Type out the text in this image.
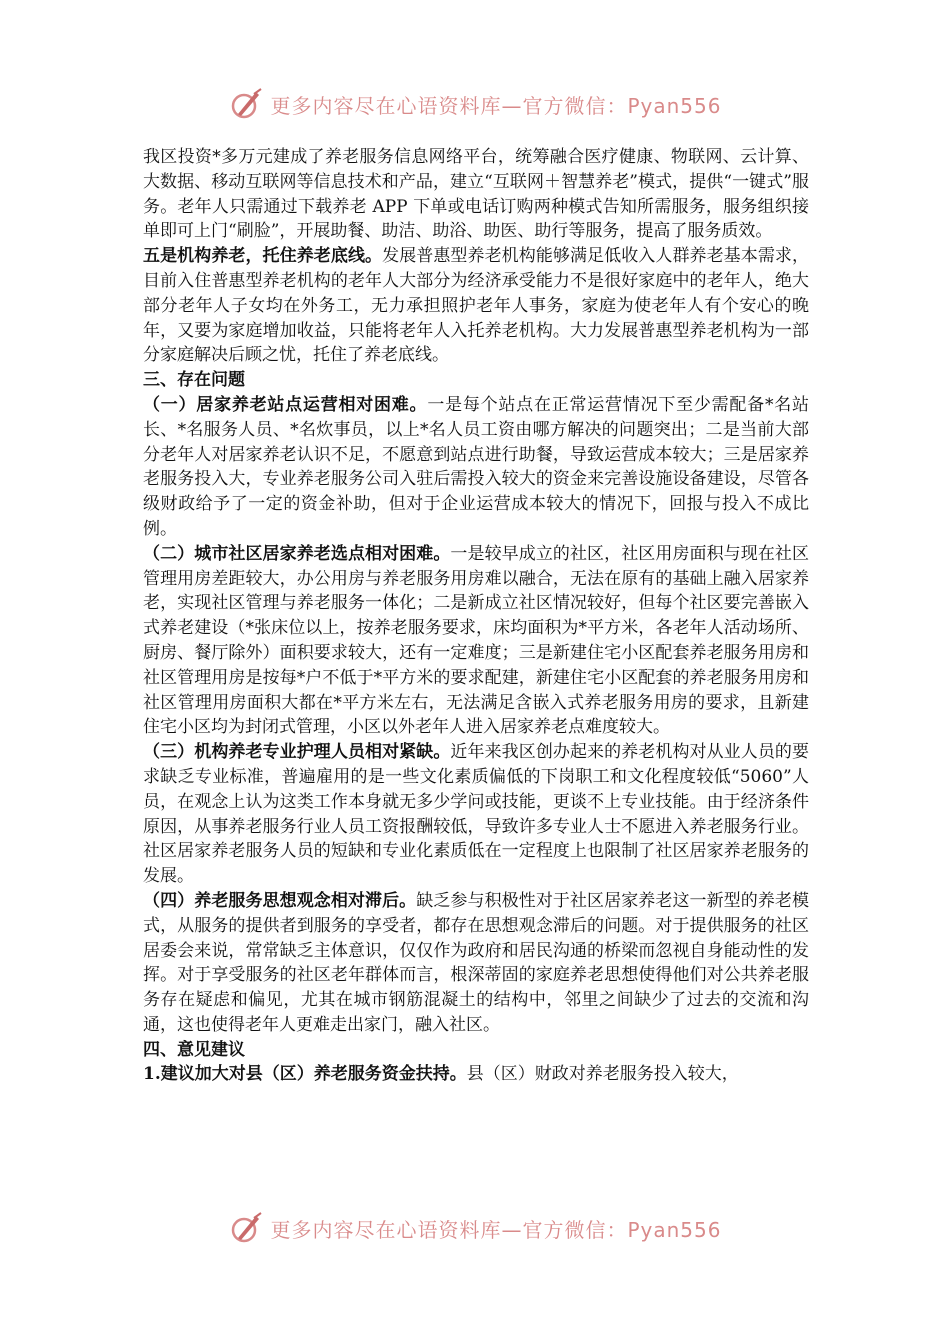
更多内容尽在心语资料库—官方微信：Pyan556

我区投资*多万元建成了养老服务信息网络平台，统筹融合医疗健康、物联网、云计算、大数据、移动互联网等信息技术和产品，建立“互联网＋智慧养老”模式，提供“一键式”服务。老年人只需通过下载养老 APP 下单或电话订购两种模式告知所需服务，服务组织接单即可上门“刷脸”，开展助餐、助洁、助浴、助医、助行等服务，提高了服务质效。

五是机构养老，托住养老底线。发展普惠型养老机构能够满足低收入人群养老基本需求，目前入住普惠型养老机构的老年人大部分为经济承受能力不是很好家庭中的老年人，绝大部分老年人子女均在外务工，无力承担照护老年人事务，家庭为使老年人有个安心的晚年，又要为家庭增加收益，只能将老年人入托养老机构。大力发展普惠型养老机构为一部分家庭解决后顾之忧，托住了养老底线。

三、存在问题

（一）居家养老站点运营相对困难。一是每个站点在正常运营情况下至少需配备*名站长、*名服务人员、*名炊事员，以上*名人员工资由哪方解决的问题突出；二是当前大部分老年人对居家养老认识不足，不愿意到站点进行助餐，导致运营成本较大；三是居家养老服务投入大，专业养老服务公司入驻后需投入较大的资金来完善设施设备建设，尽管各级财政给予了一定的资金补助，但对于企业运营成本较大的情况下，回报与投入不成比例。

（二）城市社区居家养老选点相对困难。一是较早成立的社区，社区用房面积与现在社区管理用房差距较大，办公用房与养老服务用房难以融合，无法在原有的基础上融入居家养老，实现社区管理与养老服务一体化；二是新成立社区情况较好，但每个社区要完善嵌入式养老建设（*张床位以上，按养老服务要求，床均面积为*平方米，各老年人活动场所、厨房、餐厅除外）面积要求较大，还有一定难度；三是新建住宅小区配套养老服务用房和社区管理用房是按每*户不低于*平方米的要求配建，新建住宅小区配套的养老服务用房和社区管理用房面积大都在*平方米左右，无法满足含嵌入式养老服务用房的要求，且新建住宅小区均为封闭式管理，小区以外老年人进入居家养老点难度较大。

（三）机构养老专业护理人员相对紧缺。近年来我区创办起来的养老机构对从业人员的要求缺乏专业标准，普遍雇用的是一些文化素质偏低的下岗职工和文化程度较低“5060”人员，在观念上认为这类工作本身就无多少学问或技能，更谈不上专业技能。由于经济条件原因，从事养老服务行业人员工资报酬较低，导致许多专业人士不愿进入养老服务行业。社区居家养老服务人员的短缺和专业化素质低在一定程度上也限制了社区居家养老服务的发展。

（四）养老服务思想观念相对滞后。缺乏参与积极性对于社区居家养老这一新型的养老模式，从服务的提供者到服务的享受者，都存在思想观念滞后的问题。对于提供服务的社区居委会来说，常常缺乏主体意识，仅仅作为政府和居民沟通的桥梁而忽视自身能动性的发挥。对于享受服务的社区老年群体而言，根深蒂固的家庭养老思想使得他们对公共养老服务存在疑虑和偏见，尤其在城市钢筋混凝土的结构中，邻里之间缺少了过去的交流和沟通，这也使得老年人更难走出家门，融入社区。

四、意见建议

1.建议加大对县（区）养老服务资金扶持。县（区）财政对养老服务投入较大，

更多内容尽在心语资料库—官方微信：Pyan556
